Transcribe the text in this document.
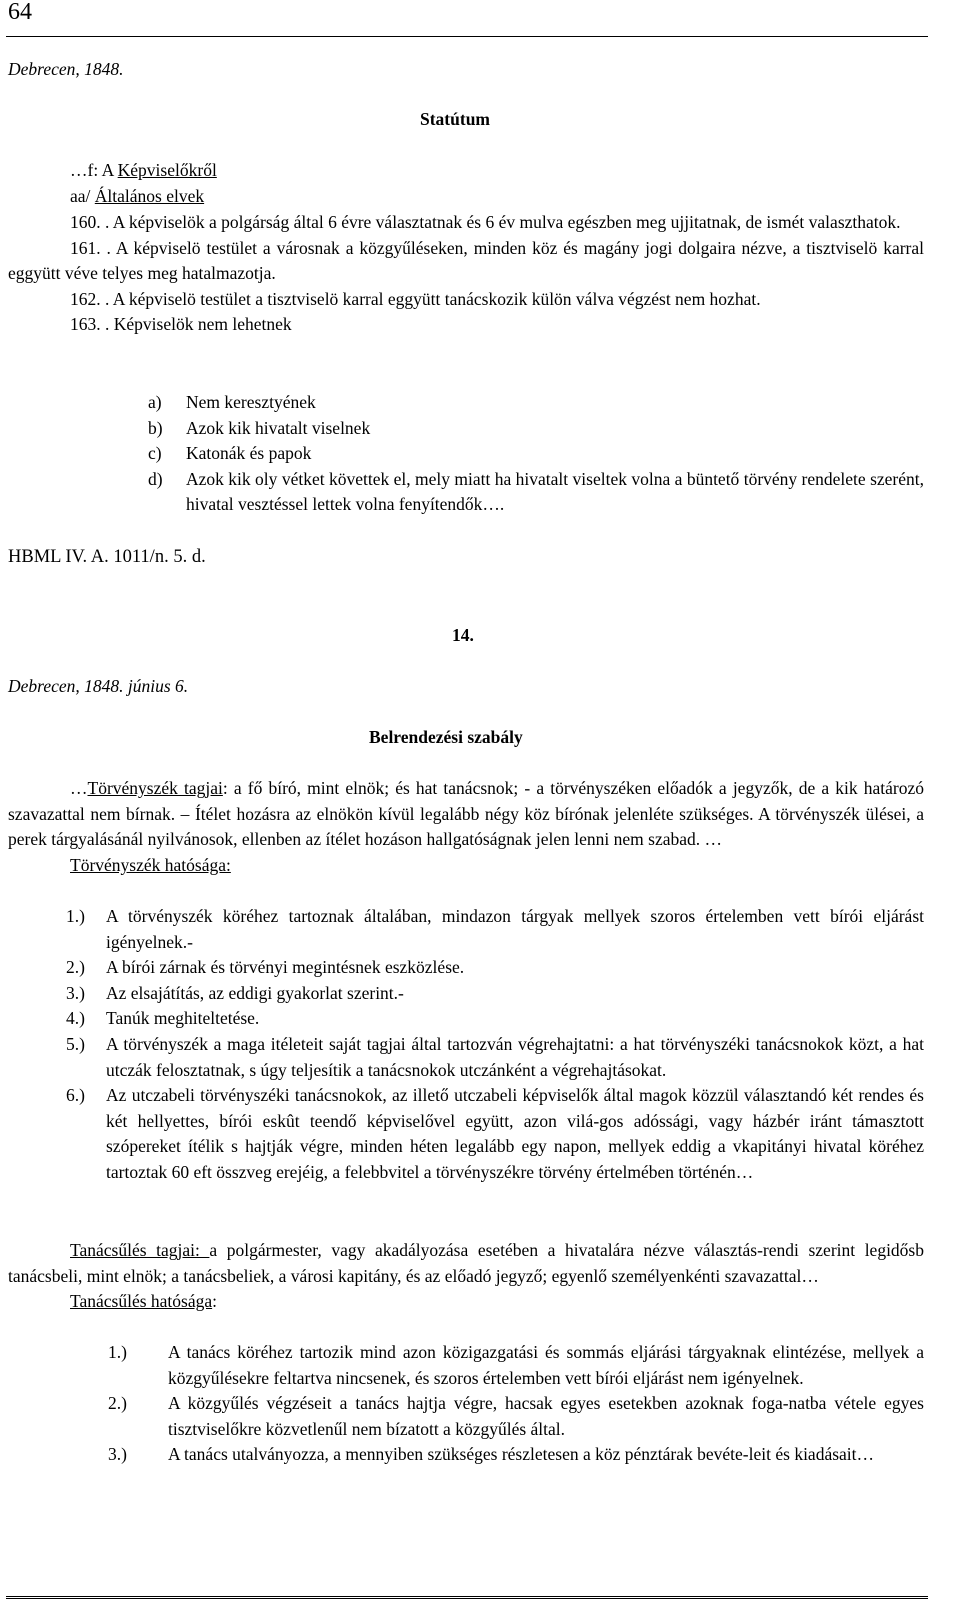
64
Debrecen, 1848.
Statútum
…f: A Képviselőkről
aa/ Általános elvek

160. . A képviselök a polgárság által 6 évre választatnak és 6 év mulva egészben meg ujjitatnak, de ismét valaszthatok.

161. . A képviselö testület a városnak a közgyűléseken, minden köz és magány jogi dolgaira nézve, a tisztviselö karral eggyütt véve telyes meg hatalmazotja.

162. . A képviselö testület a tisztviselö karral eggyütt tanácskozik külön válva végzést nem hozhat.

163. . Képviselök nem lehetnek

a)	Nem keresztyének
b)	Azok kik hivatalt viselnek
c)	Katonák és papok
d)	Azok kik oly vétket követtek el, mely miatt ha hivatalt viseltek volna a büntető törvény rendelete szerént, hivatal vesztéssel lettek volna fenyítendők….
HBML IV. A. 1011/n. 5. d.
14.
Debrecen, 1848. június 6.
Belrendezési szabály

…Törvényszék tagjai: a fő bíró, mint elnök; és hat tanácsnok; - a törvényszéken előadók a jegyzők, de a kik határozó szavazattal nem bírnak. – Ítélet hozásra az elnökön kívül legalább négy köz bírónak jelenléte szükséges. A törvényszék ülései, a perek tárgyalásánál nyilvánosok, ellenben az ítélet hozáson hallgatóságnak jelen lenni nem szabad. …

Törvényszék hatósága:

1.)	A törvényszék köréhez tartoznak általában, mindazon tárgyak mellyek szoros értelemben vett bírói eljárást igényelnek.-
2.)	A bírói zárnak és törvényi megintésnek eszközlése.
3.)	Az elsajátítás, az eddigi gyakorlat szerint.-
4.)	Tanúk meghiteltetése.
5.)	A törvényszék a maga itéleteit saját tagjai által tartozván végrehajtatni: a hat törvényszéki tanácsnokok közt, a hat utczák felosztatnak, s úgy teljesítik a tanácsnokok utczánként a végrehajtásokat.
6.)	Az utczabeli törvényszéki tanácsnokok, az illető utczabeli képviselők által magok közzül választandó két rendes és két hellyettes, bírói eskût teendő képviselővel együtt, azon vilá-gos adóssági, vagy házbér iránt támasztott szópereket ítélik s hajtják végre, minden héten legalább egy napon, mellyek eddig a vkapitányi hivatal köréhez tartoztak 60 eft összveg erejéig, a felebbvitel a törvényszékre törvény értelmében történén…

Tanácsűlés tagjai: a polgármester, vagy akadályozása esetében a hivatalára nézve választás-rendi szerint legidősb tanácsbeli, mint elnök; a tanácsbeliek, a városi kapitány, és az előadó jegyző; egyenlő személyenkénti szavazattal…

Tanácsűlés hatósága:

1.)	A tanács köréhez tartozik mind azon közigazgatási és sommás eljárási tárgyaknak elintézése, mellyek a közgyűlésekre feltartva nincsenek, és szoros értelemben vett bírói eljárást nem igényelnek.
2.)	A közgyűlés végzéseit a tanács hajtja végre, hacsak egyes esetekben azoknak foga-natba vétele egyes tisztviselőkre közvetlenűl nem bízatott a közgyűlés által.
3.)	A tanács utalványozza, a mennyiben szükséges részletesen a köz pénztárak bevéte-leit és kiadásait…
